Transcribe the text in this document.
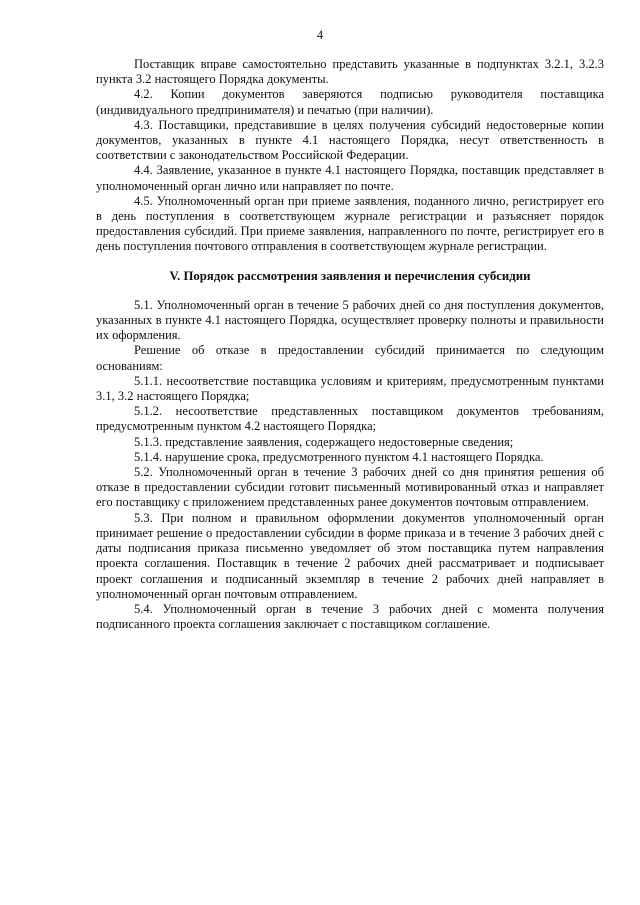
4

Поставщик вправе самостоятельно представить указанные в подпунктах 3.2.1, 3.2.3 пункта 3.2 настоящего Порядка документы.

4.2. Копии документов заверяются подписью руководителя поставщика (индивидуального предпринимателя) и печатью (при наличии).

4.3. Поставщики, представившие в целях получения субсидий недостоверные копии документов, указанных в пункте 4.1 настоящего Порядка, несут ответственность в соответствии с законодательством Российской Федерации.

4.4. Заявление, указанное в пункте 4.1 настоящего Порядка, поставщик представляет в уполномоченный орган лично или направляет по почте.

4.5. Уполномоченный орган при приеме заявления, поданного лично, регистрирует его в день поступления в соответствующем журнале регистрации и разъясняет порядок предоставления субсидий. При приеме заявления, направленного по почте, регистрирует его в день поступления почтового отправления в соответствующем журнале регистрации.

V. Порядок рассмотрения заявления и перечисления субсидии

5.1. Уполномоченный орган в течение 5 рабочих дней со дня поступления документов, указанных в пункте 4.1 настоящего Порядка, осуществляет проверку полноты и правильности их оформления.

Решение об отказе в предоставлении субсидий принимается по следующим основаниям:

5.1.1. несоответствие поставщика условиям и критериям, предусмотренным пунктами 3.1, 3.2 настоящего Порядка;

5.1.2. несоответствие представленных поставщиком документов требованиям, предусмотренным пунктом 4.2 настоящего Порядка;

5.1.3. представление заявления, содержащего недостоверные сведения;

5.1.4. нарушение срока, предусмотренного пунктом 4.1 настоящего Порядка.

5.2. Уполномоченный орган в течение 3 рабочих дней со дня принятия решения об отказе в предоставлении субсидии готовит письменный мотивированный отказ и направляет его поставщику с приложением представленных ранее документов почтовым отправлением.

5.3. При полном и правильном оформлении документов уполномоченный орган принимает решение о предоставлении субсидии в форме приказа и в течение 3 рабочих дней с даты подписания приказа письменно уведомляет об этом поставщика путем направления проекта соглашения. Поставщик в течение 2 рабочих дней рассматривает и подписывает проект соглашения и подписанный экземпляр в течение 2 рабочих дней направляет в уполномоченный орган почтовым отправлением.

5.4. Уполномоченный орган в течение 3 рабочих дней с момента получения подписанного проекта соглашения заключает с поставщиком соглашение.
